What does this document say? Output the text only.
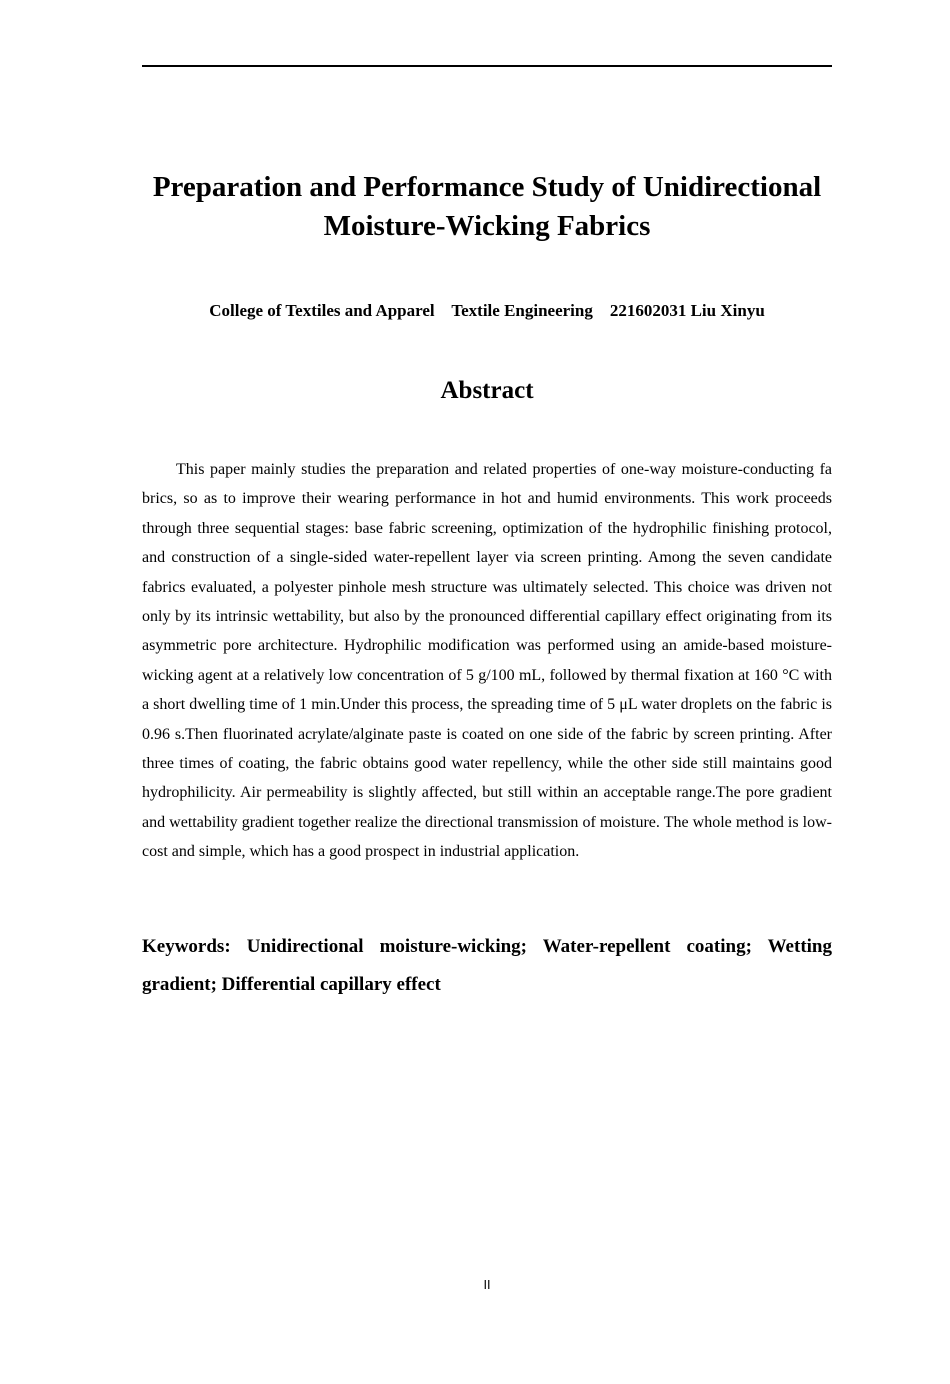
Preparation and Performance Study of Unidirectional Moisture-Wicking Fabrics
College of Textiles and Apparel    Textile Engineering    221602031 Liu Xinyu
Abstract

This paper mainly studies the preparation and related properties of one-way moisture-conducting fa brics, so as to improve their wearing performance in hot and humid environments. This work proceeds through three sequential stages: base fabric screening, optimization of the hydrophilic finishing protocol, and construction of a single-sided water-repellent layer via screen printing. Among the seven candidate fabrics evaluated, a polyester pinhole mesh structure was ultimately selected. This choice was driven not only by its intrinsic wettability, but also by the pronounced differential capillary effect originating from its asymmetric pore architecture. Hydrophilic modification was performed using an amide-based moisture-wicking agent at a relatively low concentration of 5 g/100 mL, followed by thermal fixation at 160 °C with a short dwelling time of 1 min.Under this process, the spreading time of 5 μL water droplets on the fabric is 0.96 s.Then fluorinated acrylate/alginate paste is coated on one side of the fabric by screen printing. After three times of coating, the fabric obtains good water repellency, while the other side still maintains good hydrophilicity. Air permeability is slightly affected, but still within an acceptable range.The pore gradient and wettability gradient together realize the directional transmission of moisture. The whole method is low-cost and simple, which has a good prospect in industrial application.

Keywords: Unidirectional moisture-wicking; Water-repellent coating; Wetting gradient; Differential capillary effect

II
